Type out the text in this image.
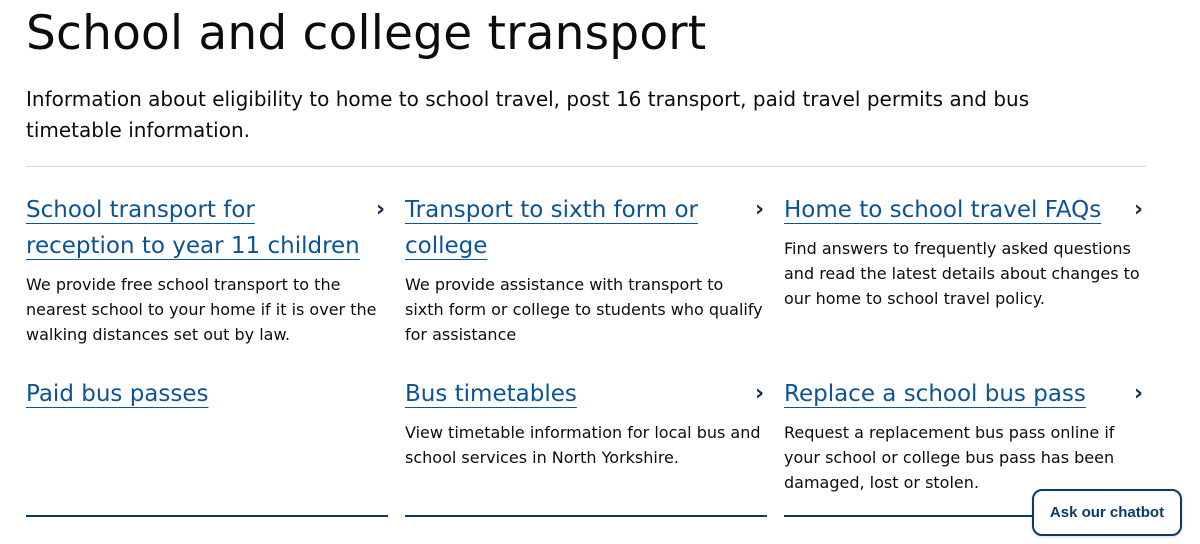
School and college transport

Information about eligibility to home to school travel, post 16 transport, paid travel permits and bus timetable information.

School transport for reception to year 11 children

We provide free school transport to the nearest school to your home if it is over the walking distances set out by law.

› Transport to sixth form or college

We provide assistance with transport to sixth form or college to students who qualify for assistance

› Home to school travel FAQs

Find answers to frequently asked questions and read the latest details about changes to our home to school travel policy.

›
Paid bus passes	Bus timetables

View timetable information for local bus and school services in North Yorkshire.

› Replace a school bus pass

Request a replacement bus pass online if your school or college bus pass has been damaged, lost or stolen.

›
Ask our chatbot
